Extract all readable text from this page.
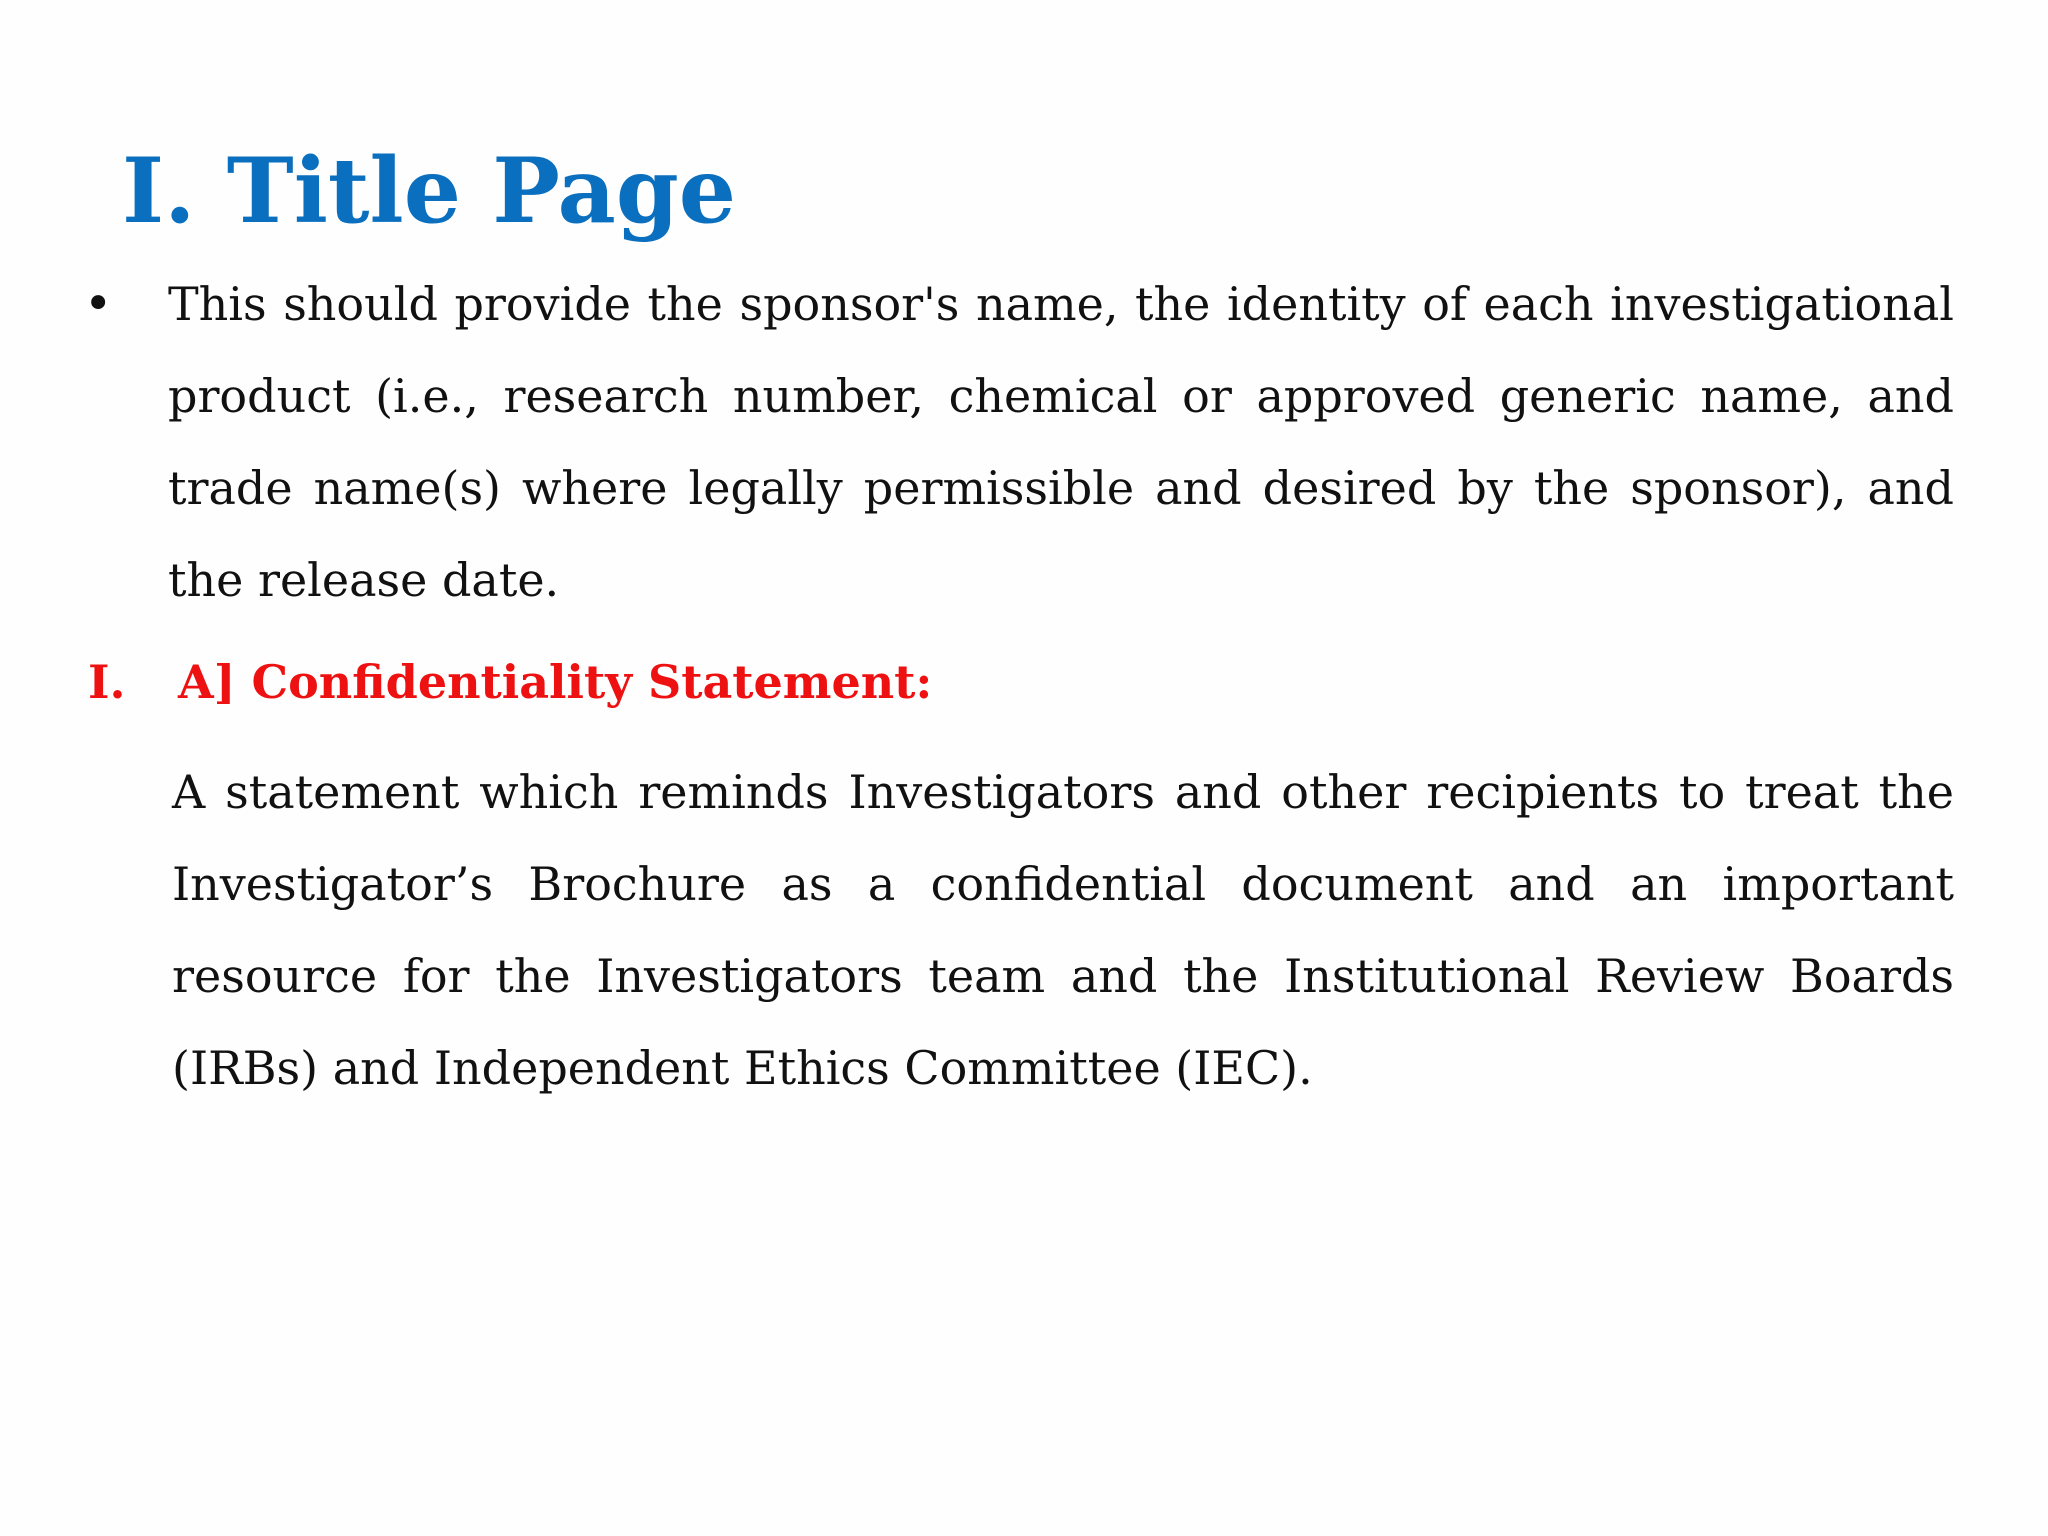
I. Title Page
• This should provide the sponsor's name, the identity of each investigational product (i.e., research number, chemical or approved generic name, and trade name(s) where legally permissible and desired by the sponsor), and the release date.

I. A] Confidentiality Statement:

A statement which reminds Investigators and other recipients to treat the Investigator’s Brochure as a confidential document and an important resource for the Investigators team and the Institutional Review Boards (IRBs) and Independent Ethics Committee (IEC).
